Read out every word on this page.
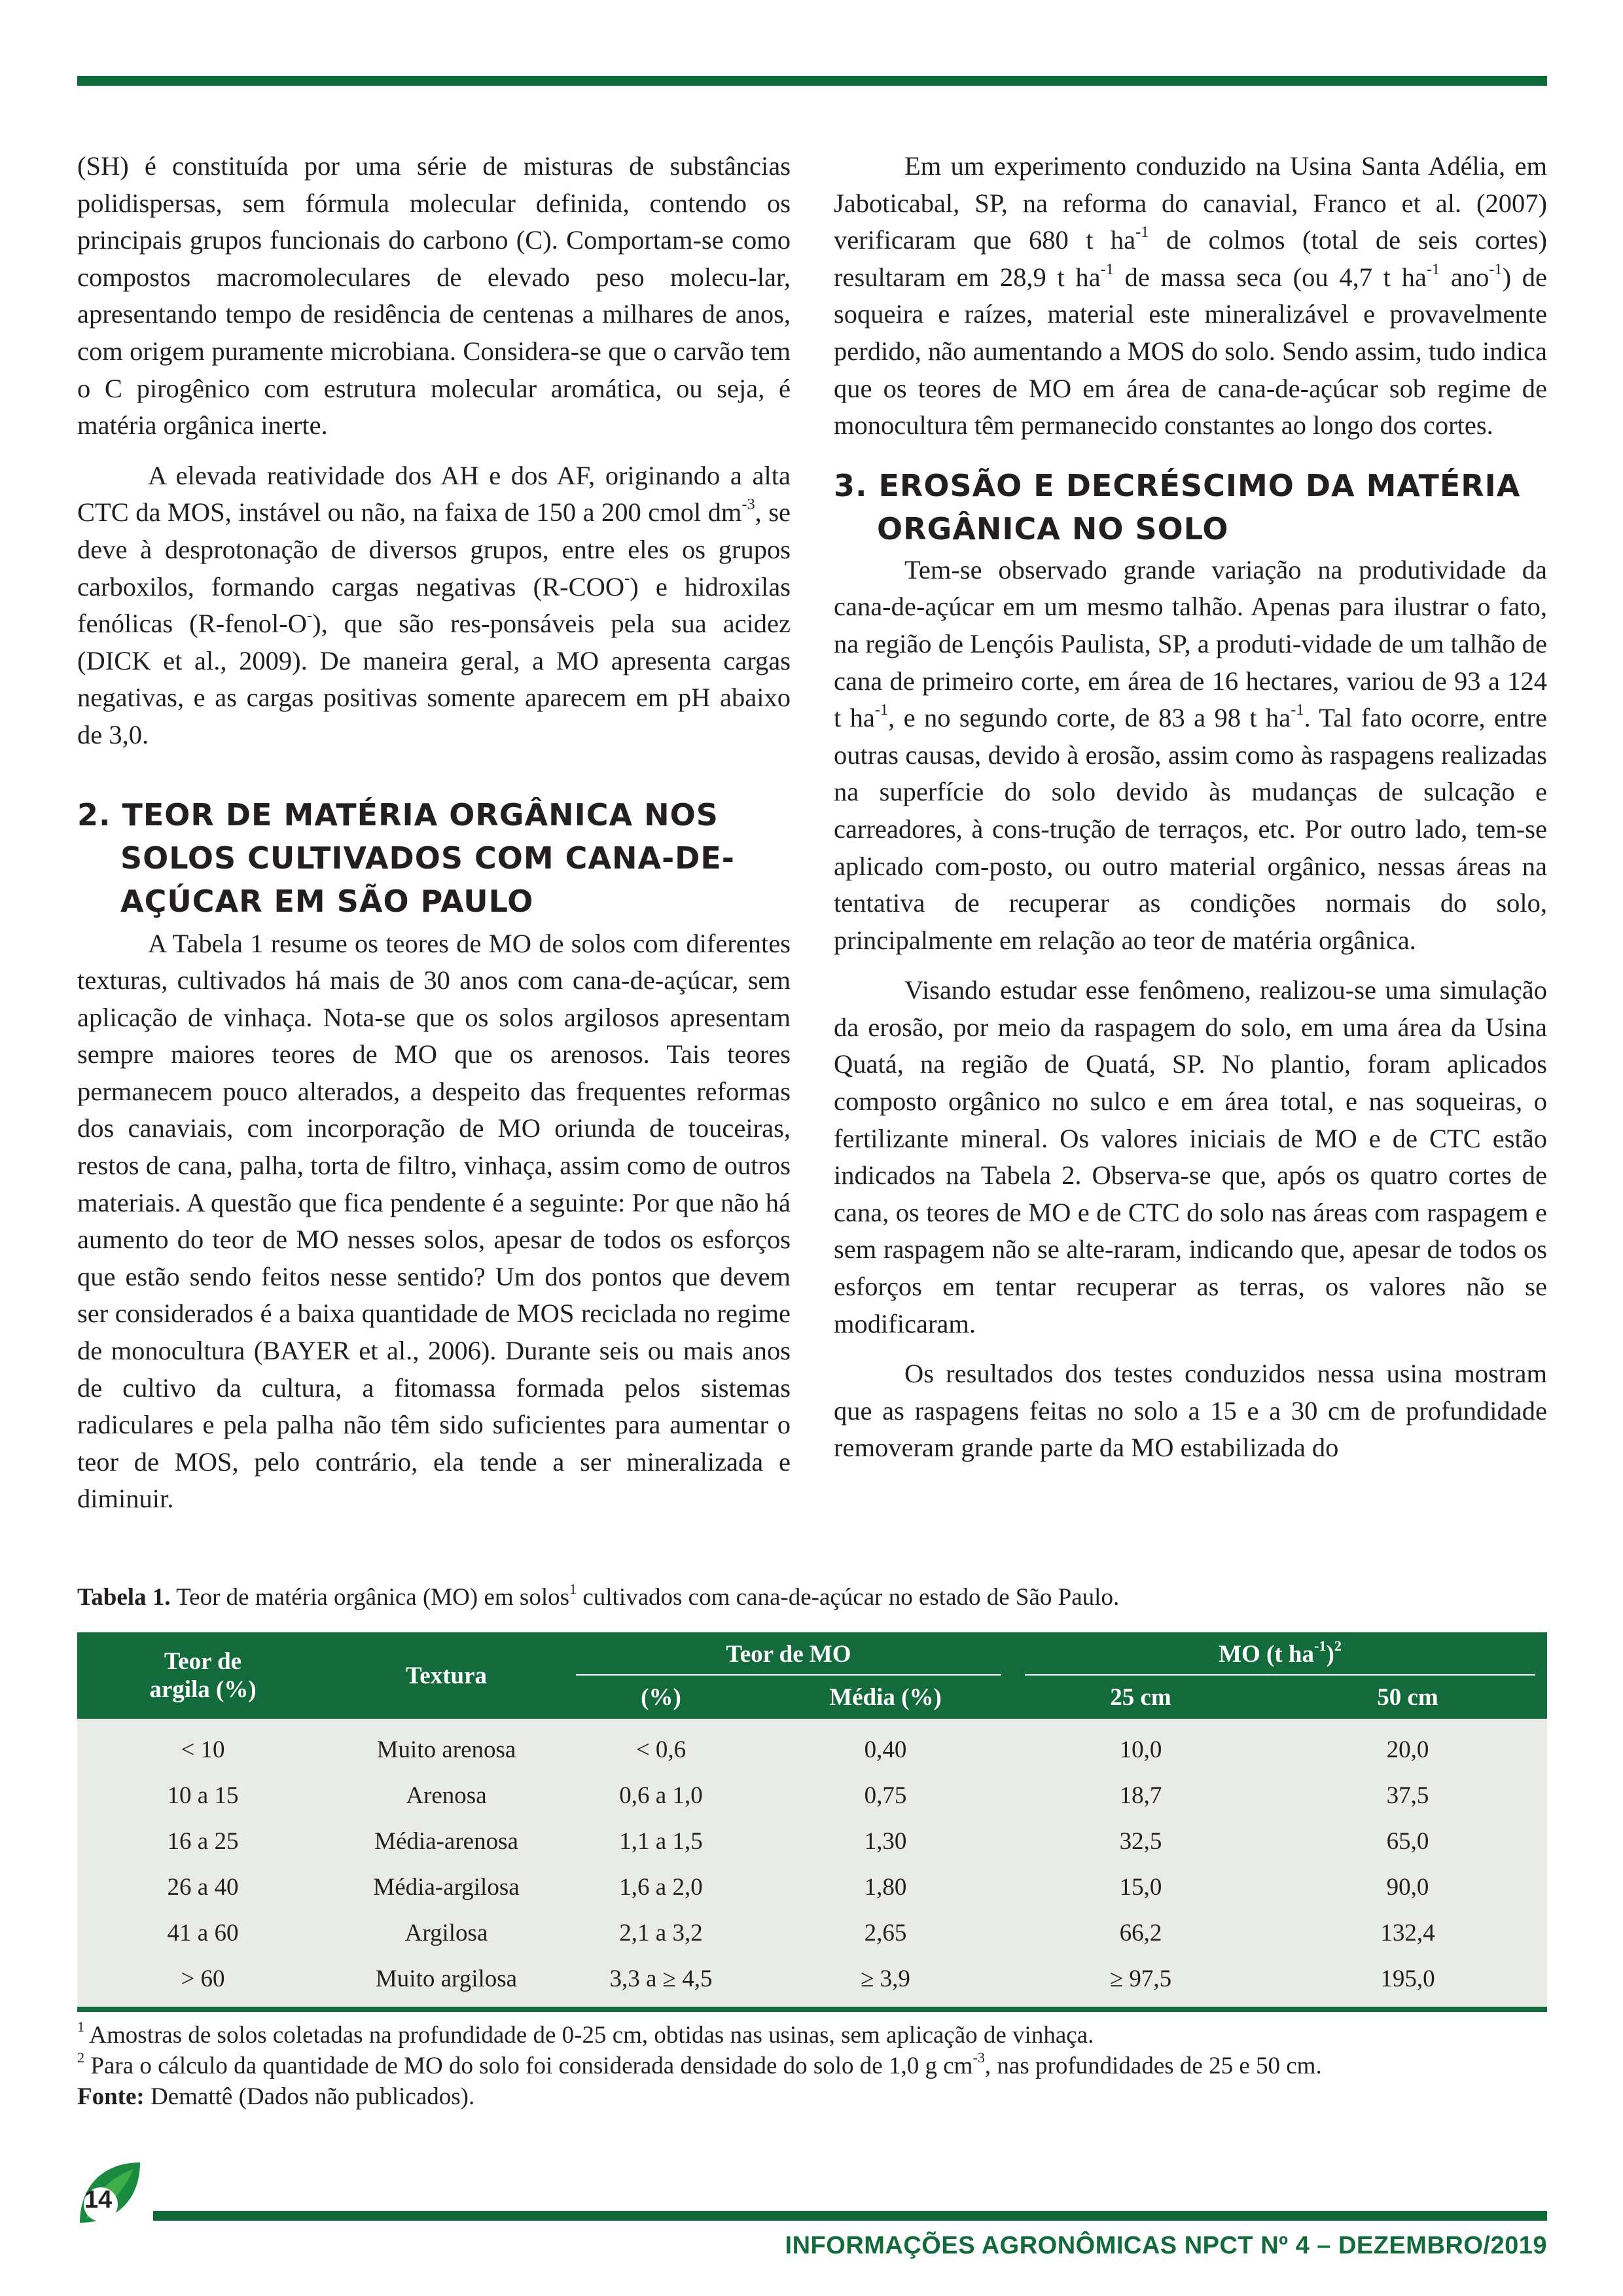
(SH) é constituída por uma série de misturas de substâncias polidispersas, sem fórmula molecular definida, contendo os principais grupos funcionais do carbono (C). Comportam-se como compostos macromoleculares de elevado peso molecu-lar, apresentando tempo de residência de centenas a milhares de anos, com origem puramente microbiana. Considera-se que o carvão tem o C pirogênico com estrutura molecular aromática, ou seja, é matéria orgânica inerte.

A elevada reatividade dos AH e dos AF, originando a alta CTC da MOS, instável ou não, na faixa de 150 a 200 cmol $dm^{-3}$, se deve à desprotonação de diversos grupos, entre eles os grupos carboxilos, formando cargas negativas (R-COO-) e hidroxilas fenólicas (R-fenol-O-), que são res-ponsáveis pela sua acidez (DICK et al., 2009). De maneira geral, a MO apresenta cargas negativas, e as cargas positivas somente aparecem em pH abaixo de 3,0.

2. TEOR DE MATÉRIA ORGÂNICA NOS SOLOS CULTIVADOS COM CANA-DE-AÇÚCAR EM SÃO PAULO

A Tabela 1 resume os teores de MO de solos com diferentes texturas, cultivados há mais de 30 anos com cana-de-açúcar, sem aplicação de vinhaça. Nota-se que os solos argilosos apresentam sempre maiores teores de MO que os arenosos. Tais teores permanecem pouco alterados, a despeito das frequentes reformas dos canaviais, com incorporação de MO oriunda de touceiras, restos de cana, palha, torta de filtro, vinhaça, assim como de outros materiais. A questão que fica pendente é a seguinte: Por que não há aumento do teor de MO nesses solos, apesar de todos os esforços que estão sendo feitos nesse sentido? Um dos pontos que devem ser considerados é a baixa quantidade de MOS reciclada no regime de monocultura (BAYER et al., 2006). Durante seis ou mais anos de cultivo da cultura, a fitomassa formada pelos sistemas radiculares e pela palha não têm sido suficientes para aumentar o teor de MOS, pelo contrário, ela tende a ser mineralizada e diminuir.

Em um experimento conduzido na Usina Santa Adélia, em Jaboticabal, SP, na reforma do canavial, Franco et al. (2007) verificaram que 680 t $ha^{-1}$ de colmos (total de seis cortes) resultaram em 28,9 t $ha^{-1}$ de massa seca (ou 4,7 t $ha^{-1}$ ano$^{-1}$) de soqueira e raízes, material este mineralizável e provavelmente perdido, não aumentando a MOS do solo. Sendo assim, tudo indica que os teores de MO em área de cana-de-açúcar sob regime de monocultura têm permanecido constantes ao longo dos cortes.

3. EROSÃO E DECRÉSCIMO DA MATÉRIA ORGÂNICA NO SOLO

Tem-se observado grande variação na produtividade da cana-de-açúcar em um mesmo talhão. Apenas para ilustrar o fato, na região de Lençóis Paulista, SP, a produti-vidade de um talhão de cana de primeiro corte, em área de 16 hectares, variou de 93 a 124 t $ha^{-1}$, e no segundo corte, de 83 a 98 t $ha^{-1}$. Tal fato ocorre, entre outras causas, devido à erosão, assim como às raspagens realizadas na superfície do solo devido às mudanças de sulcação e carreadores, à cons-trução de terraços, etc. Por outro lado, tem-se aplicado com-posto, ou outro material orgânico, nessas áreas na tentativa de recuperar as condições normais do solo, principalmente em relação ao teor de matéria orgânica.

Visando estudar esse fenômeno, realizou-se uma simulação da erosão, por meio da raspagem do solo, em uma área da Usina Quatá, na região de Quatá, SP. No plantio, foram aplicados composto orgânico no sulco e em área total, e nas soqueiras, o fertilizante mineral. Os valores iniciais de MO e de CTC estão indicados na Tabela 2. Observa-se que, após os quatro cortes de cana, os teores de MO e de CTC do solo nas áreas com raspagem e sem raspagem não se alte-raram, indicando que, apesar de todos os esforços em tentar recuperar as terras, os valores não se modificaram.

Os resultados dos testes conduzidos nessa usina mostram que as raspagens feitas no solo a 15 e a 30 cm de profundidade removeram grande parte da MO estabilizada do

Tabela 1. Teor de matéria orgânica (MO) em solos$^1$ cultivados com cana-de-açúcar no estado de São Paulo.
Teor de argila (%)	Textura	Teor de MO		MO (t $ha^{-1})^2$
		(%)	Média (%)	25 cm	50 cm
< 10	Muito arenosa	< 0,6	0,40	10,0	20,0
10 a 15	Arenosa	0,6 a 1,0	0,75	18,7	37,5
16 a 25	Média-arenosa	1,1 a 1,5	1,30	32,5	65,0
26 a 40	Média-argilosa	1,6 a 2,0	1,80	15,0	90,0
41 a 60	Argilosa	2,1 a 3,2	2,65	66,2	132,4
> 60	Muito argilosa	3,3 a ≥ 4,5	≥ 3,9	≥ 97,5	195,0

$^1$ Amostras de solos coletadas na profundidade de 0-25 cm, obtidas nas usinas, sem aplicação de vinhaça.

$^2$ Para o cálculo da quantidade de MO do solo foi considerada densidade do solo de 1,0 g $cm^{-3}$, nas profundidades de 25 e 50 cm.

Fonte: Demattê (Dados não publicados).

14
INFORMAÇÕES AGRONÔMICAS NPCT Nº 4 – DEZEMBRO/2019
